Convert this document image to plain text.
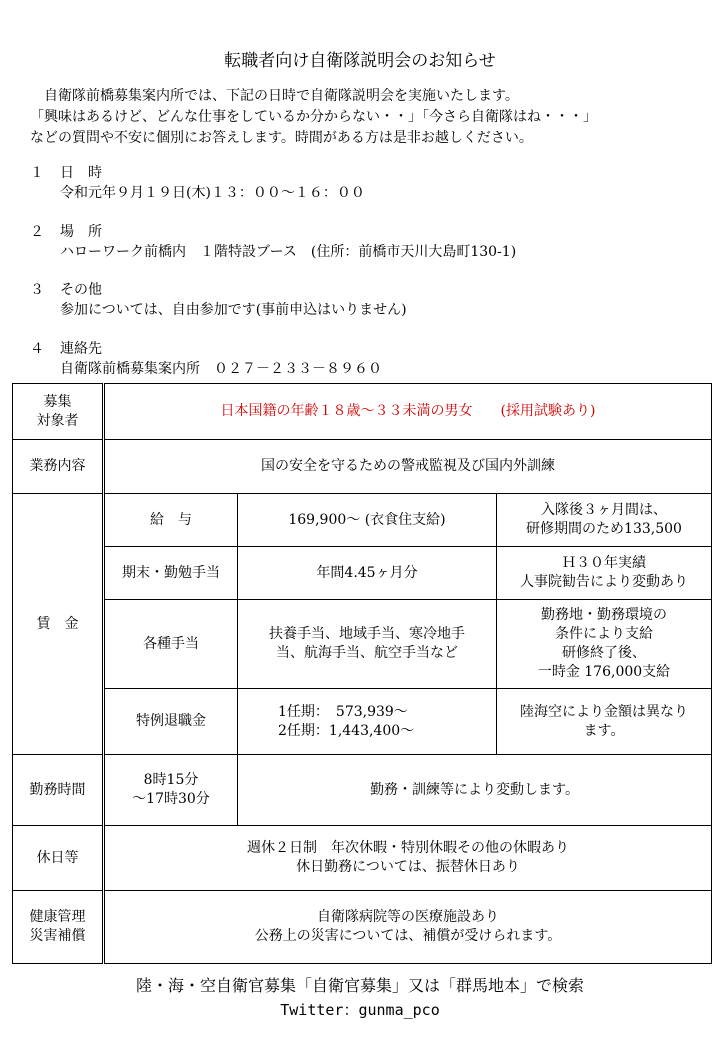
転職者向け自衛隊説明会のお知らせ

自衛隊前橋募集案内所では、下記の日時で自衛隊説明会を実施いたします。

「興味はあるけど、どんな仕事をしているか分からない・・」「今さら自衛隊はね・・・」

などの質問や不安に個別にお答えします。時間がある方は是非お越しください。

１ 日　時
令和元年９月１９日(木)１３：００～１６：００
２ 場　所
ハローワーク前橋内　１階特設ブース　(住所：前橋市天川大島町130-1)
３ その他
参加については、自由参加です(事前申込はいりません)
４ 連絡先
自衛隊前橋募集案内所　０２７－２３３－８９６０
募集
対象者	日本国籍の年齢１８歳～３３未満の男女　　(採用試験あり)		
業務内容	国の安全を守るための警戒監視及び国内外訓練		
賃　金	給　与	169,900～ (衣食住支給)	入隊後３ヶ月間は、
研修期間のため133,500
	期末・勤勉手当	年間4.45ヶ月分	Ｈ３０年実績
人事院勧告により変動あり
	各種手当	扶養手当、地域手当、寒冷地手
当、航海手当、航空手当など	勤務地・勤務環境の
条件により支給
研修終了後、
一時金 176,000支給
	特例退職金	1任期：　573,939～
2任期：1,443,400～	陸海空により金額は異なり
ます。
勤務時間	8時15分
～17時30分	勤務・訓練等により変動します。	
休日等	週休２日制　年次休暇・特別休暇その他の休暇あり
休日勤務については、振替休日あり		
健康管理
災害補償	自衛隊病院等の医療施設あり
公務上の災害については、補償が受けられます。		
陸・海・空自衛官募集「自衛官募集」又は「群馬地本」で検索
Twitter：gunma_pco
